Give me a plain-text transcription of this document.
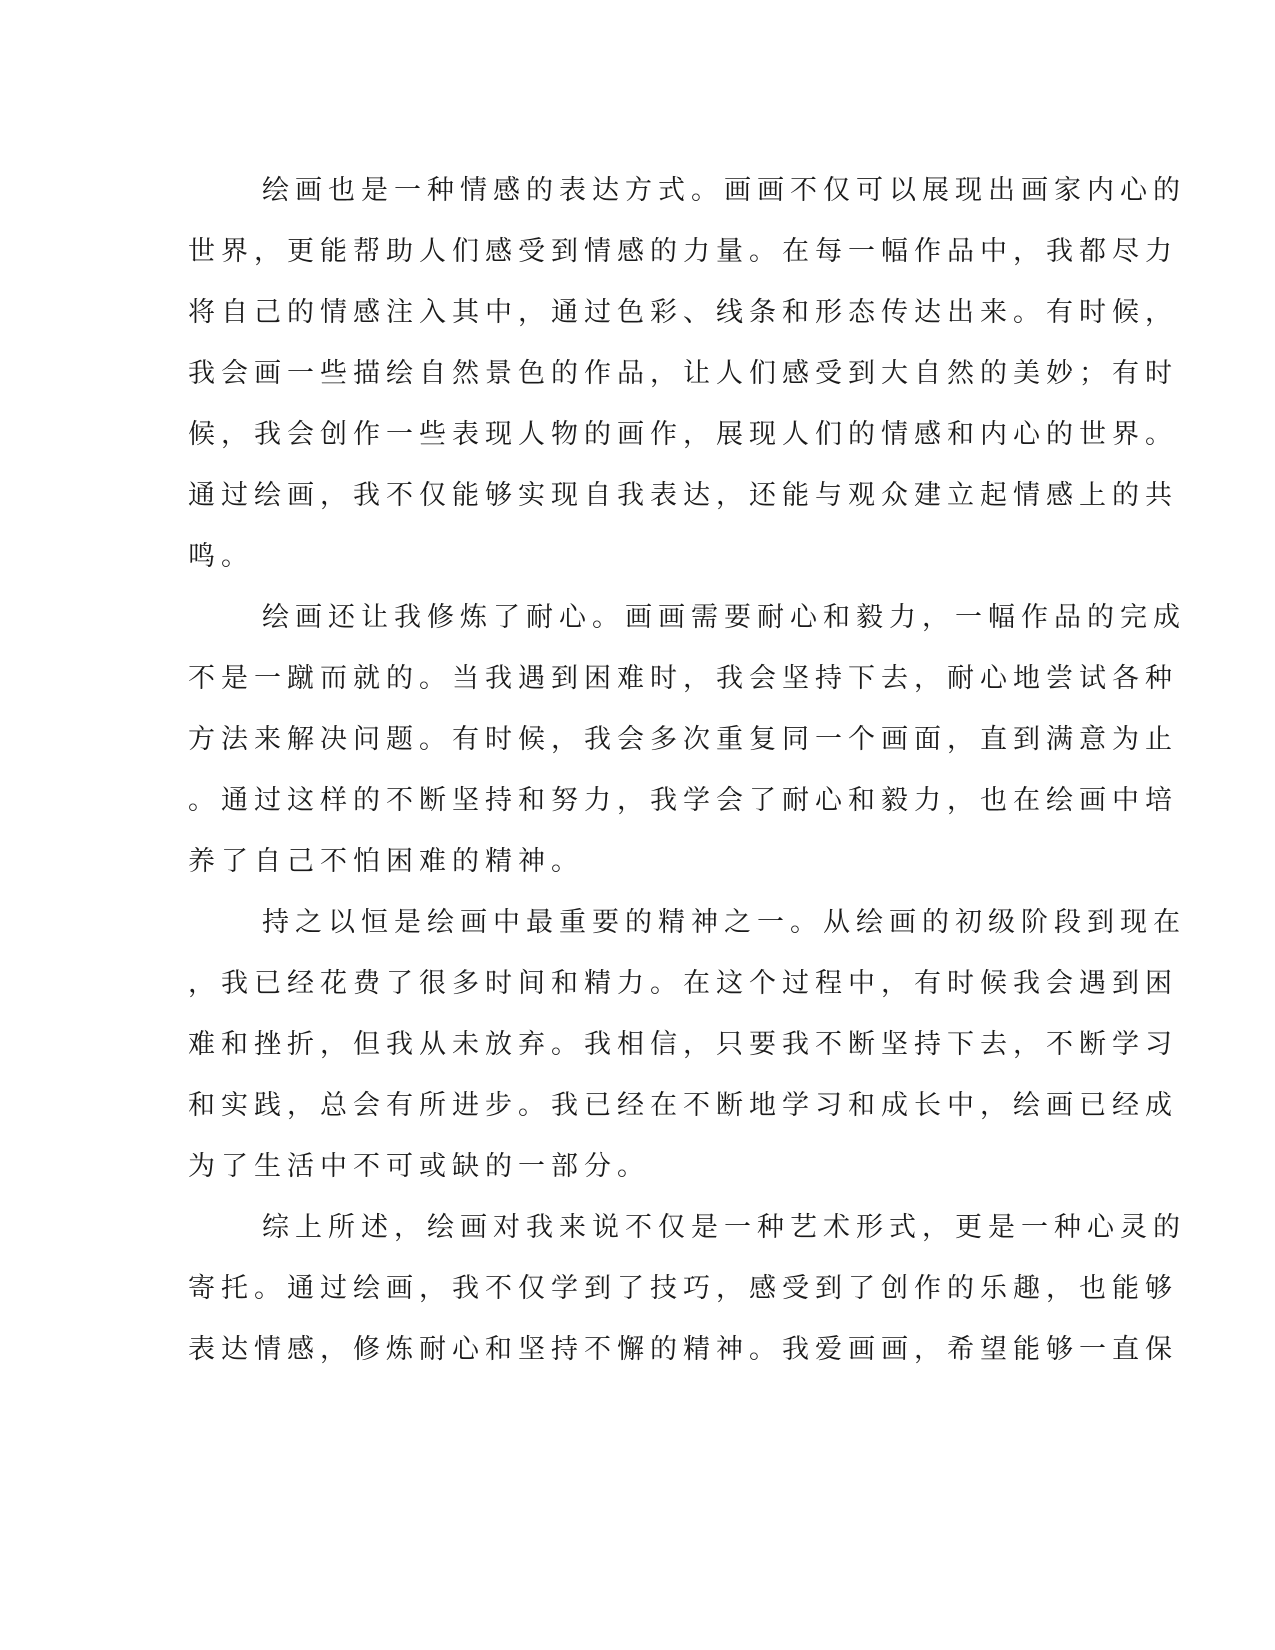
绘画也是一种情感的表达方式。画画不仅可以展现出画家内心的

世界，更能帮助人们感受到情感的力量。在每一幅作品中，我都尽力

将自己的情感注入其中，通过色彩、线条和形态传达出来。有时候，

我会画一些描绘自然景色的作品，让人们感受到大自然的美妙；有时

候，我会创作一些表现人物的画作，展现人们的情感和内心的世界。

通过绘画，我不仅能够实现自我表达，还能与观众建立起情感上的共

鸣。

绘画还让我修炼了耐心。画画需要耐心和毅力，一幅作品的完成

不是一蹴而就的。当我遇到困难时，我会坚持下去，耐心地尝试各种

方法来解决问题。有时候，我会多次重复同一个画面，直到满意为止

。通过这样的不断坚持和努力，我学会了耐心和毅力，也在绘画中培

养了自己不怕困难的精神。

持之以恒是绘画中最重要的精神之一。从绘画的初级阶段到现在

，我已经花费了很多时间和精力。在这个过程中，有时候我会遇到困

难和挫折，但我从未放弃。我相信，只要我不断坚持下去，不断学习

和实践，总会有所进步。我已经在不断地学习和成长中，绘画已经成

为了生活中不可或缺的一部分。

综上所述，绘画对我来说不仅是一种艺术形式，更是一种心灵的

寄托。通过绘画，我不仅学到了技巧，感受到了创作的乐趣，也能够

表达情感，修炼耐心和坚持不懈的精神。我爱画画，希望能够一直保
